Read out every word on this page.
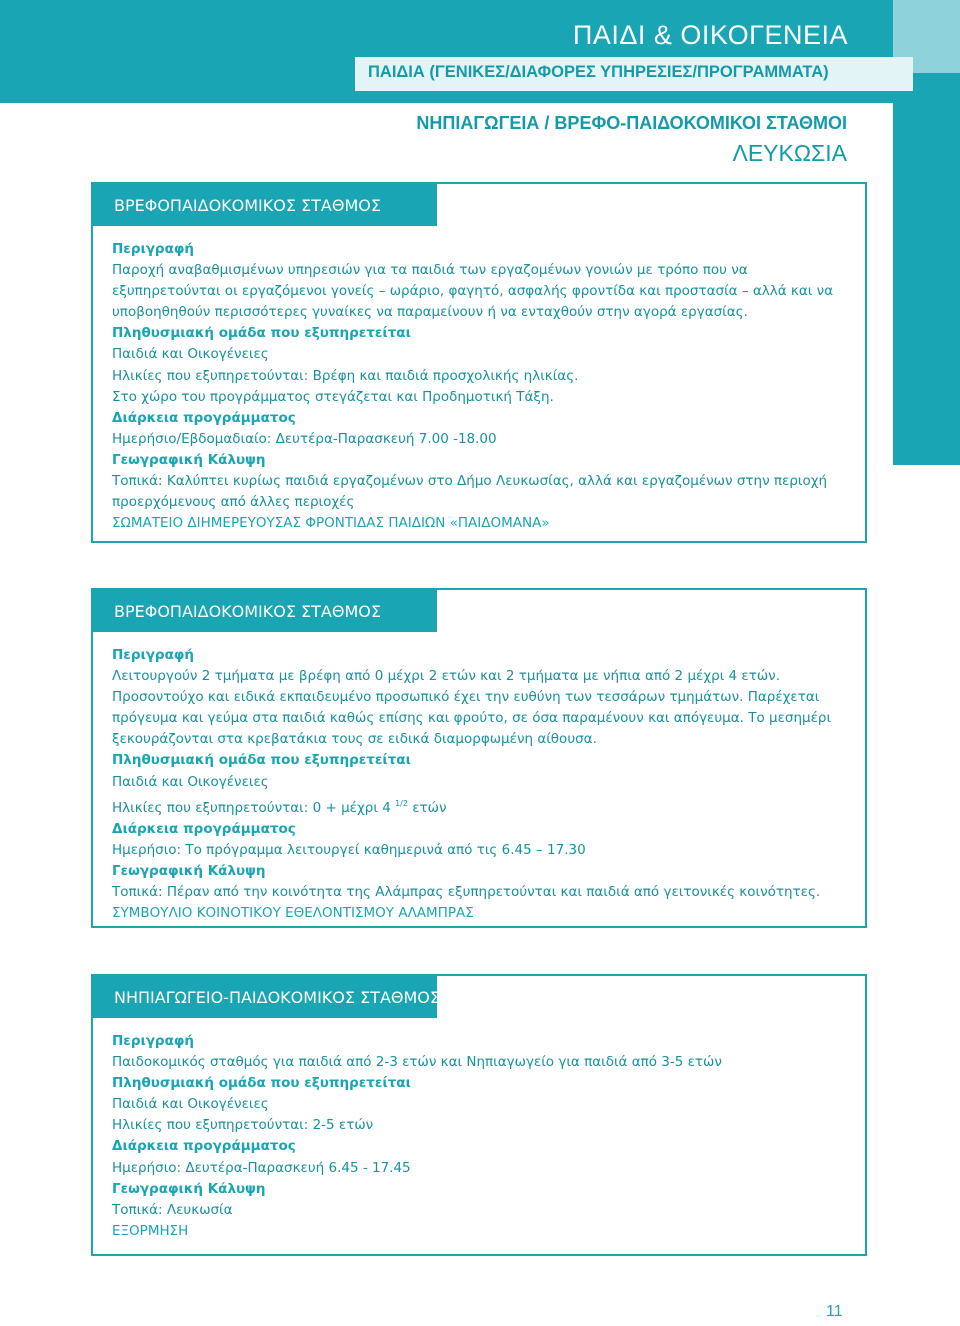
ΠΑΙΔΙ & ΟΙΚΟΓΕΝΕΙΑ
ΠΑΙΔΙΑ (ΓΕΝΙΚΕΣ/ΔΙΑΦΟΡΕΣ ΥΠΗΡΕΣΙΕΣ/ΠΡΟΓΡΑΜΜΑΤΑ)
ΝΗΠΙΑΓΩΓΕΙΑ / ΒΡΕΦΟ-ΠΑΙΔΟΚΟΜΙΚΟΙ ΣΤΑΘΜΟΙ
ΛΕΥΚΩΣΙΑ
ΒΡΕΦΟΠΑΙΔΟΚΟΜΙΚΟΣ ΣΤΑΘΜΟΣ
Περιγραφή
Παροχή αναβαθμισμένων υπηρεσιών για τα παιδιά των εργαζομένων γονιών με τρόπο που να
εξυπηρετούνται οι εργαζόμενοι γονείς – ωράριο, φαγητό, ασφαλής φροντίδα και προστασία – αλλά και να
υποβοηθηθούν περισσότερες γυναίκες να παραμείνουν ή να ενταχθούν στην αγορά εργασίας.
Πληθυσμιακή ομάδα που εξυπηρετείται
Παιδιά και Οικογένειες
Ηλικίες που εξυπηρετούνται: Βρέφη και παιδιά προσχολικής ηλικίας.
Στο χώρο του προγράμματος στεγάζεται και Προδημοτική Τάξη.
Διάρκεια προγράμματος
Ημερήσιο/Εβδομαδιαίο: Δευτέρα-Παρασκευή 7.00 -18.00
Γεωγραφική Κάλυψη
Τοπικά: Καλύπτει κυρίως παιδιά εργαζομένων στο Δήμο Λευκωσίας, αλλά και εργαζομένων στην περιοχή
προερχόμενους από άλλες περιοχές
ΣΩΜΑΤΕΙΟ ΔΙΗΜΕΡΕΥΟΥΣΑΣ ΦΡΟΝΤΙΔΑΣ ΠΑΙΔΙΩΝ «ΠΑΙΔΟΜΑΝΑ»
ΒΡΕΦΟΠΑΙΔΟΚΟΜΙΚΟΣ ΣΤΑΘΜΟΣ
Περιγραφή
Λειτουργούν 2 τμήματα με βρέφη από 0 μέχρι 2 ετών και 2 τμήματα με νήπια από 2 μέχρι 4 ετών.
Προσοντούχο και ειδικά εκπαιδευμένο προσωπικό έχει την ευθύνη των τεσσάρων τμημάτων. Παρέχεται
πρόγευμα και γεύμα στα παιδιά καθώς επίσης και φρούτο, σε όσα παραμένουν και απόγευμα. Το μεσημέρι
ξεκουράζονται στα κρεβατάκια τους σε ειδικά διαμορφωμένη αίθουσα.
Πληθυσμιακή ομάδα που εξυπηρετείται
Παιδιά και Οικογένειες
Ηλικίες που εξυπηρετούνται: 0 + μέχρι 4 $^{1/2}$ ετών
Διάρκεια προγράμματος
Ημερήσιο: Το πρόγραμμα λειτουργεί καθημερινά από τις 6.45 – 17.30
Γεωγραφική Κάλυψη
Τοπικά: Πέραν από την κοινότητα της Αλάμπρας εξυπηρετούνται και παιδιά από γειτονικές κοινότητες.
ΣΥΜΒΟΥΛΙΟ ΚΟΙΝΟΤΙΚΟΥ ΕΘΕΛΟΝΤΙΣΜΟΥ ΑΛΑΜΠΡΑΣ
ΝΗΠΙΑΓΩΓΕΙΟ-ΠΑΙΔΟΚΟΜΙΚΟΣ ΣΤΑΘΜΟΣ
Περιγραφή
Παιδοκομικός σταθμός για παιδιά από 2-3 ετών και Νηπιαγωγείο για παιδιά από 3-5 ετών
Πληθυσμιακή ομάδα που εξυπηρετείται
Παιδιά και Οικογένειες
Ηλικίες που εξυπηρετούνται: 2-5 ετών
Διάρκεια προγράμματος
Ημερήσιο: Δευτέρα-Παρασκευή 6.45 - 17.45
Γεωγραφική Κάλυψη
Τοπικά: Λευκωσία
ΕΞΟΡΜΗΣΗ
11
